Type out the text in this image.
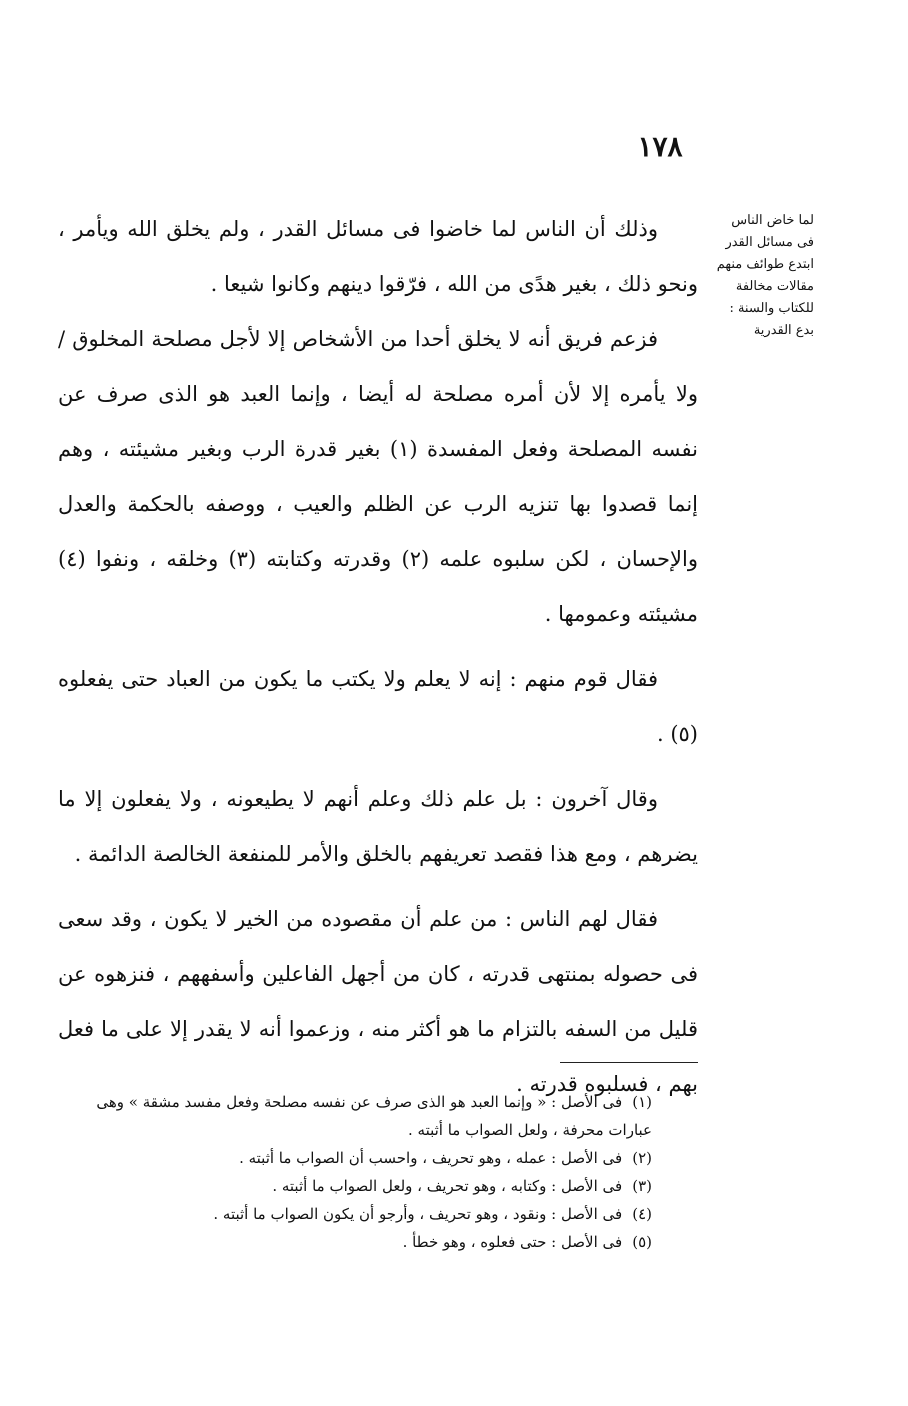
١٧٨
لما خاض الناس
فى مسائل القدر
ابتدع طوائف منهم
مقالات مخالفة
للكتاب والسنة :
بدع القدرية

وذلك أن الناس لما خاضوا فى مسائل القدر ، ولم يخلق الله ويأمر ، ونحو ذلك ، بغير هدًى من الله ، فرّقوا دينهم وكانوا شيعا .

فزعم فريق أنه لا يخلق أحدا من الأشخاص إلا لأجل مصلحة المخلوق / ولا يأمره إلا لأن أمره مصلحة له أيضا ، وإنما العبد هو الذى صرف عن نفسه المصلحة وفعل المفسدة (١) بغير قدرة الرب وبغير مشيئته ، وهم إنما قصدوا بها تنزيه الرب عن الظلم والعيب ، ووصفه بالحكمة والعدل والإحسان ، لكن سلبوه علمه (٢) وقدرته وكتابته (٣) وخلقه ، ونفوا (٤) مشيئته وعمومها .

فقال قوم منهم : إنه لا يعلم ولا يكتب ما يكون من العباد حتى يفعلوه (٥) .

وقال آخرون : بل علم ذلك وعلم أنهم لا يطيعونه ، ولا يفعلون إلا ما يضرهم ، ومع هذا فقصد تعريفهم بالخلق والأمر للمنفعة الخالصة الدائمة .

فقال لهم الناس : من علم أن مقصوده من الخير لا يكون ، وقد سعى فى حصوله بمنتهى قدرته ، كان من أجهل الفاعلين وأسفههم ، فنزهوه عن قليل من السفه بالتزام ما هو أكثر منه ، وزعموا أنه لا يقدر إلا على ما فعل بهم ، فسلبوه قدرته .

(١)فى الأصل : « وإنما العبد هو الذى صرف عن نفسه مصلحة وفعل مفسد مشقة » وهى عبارات محرفة ، ولعل الصواب ما أثبته .
(٢)فى الأصل : عمله ، وهو تحريف ، واحسب أن الصواب ما أثبته .
(٣)فى الأصل : وكتابه ، وهو تحريف ، ولعل الصواب ما أثبته .
(٤)فى الأصل : ونقود ، وهو تحريف ، وأرجو أن يكون الصواب ما أثبته .
(٥)فى الأصل : حتى فعلوه ، وهو خطأ .
